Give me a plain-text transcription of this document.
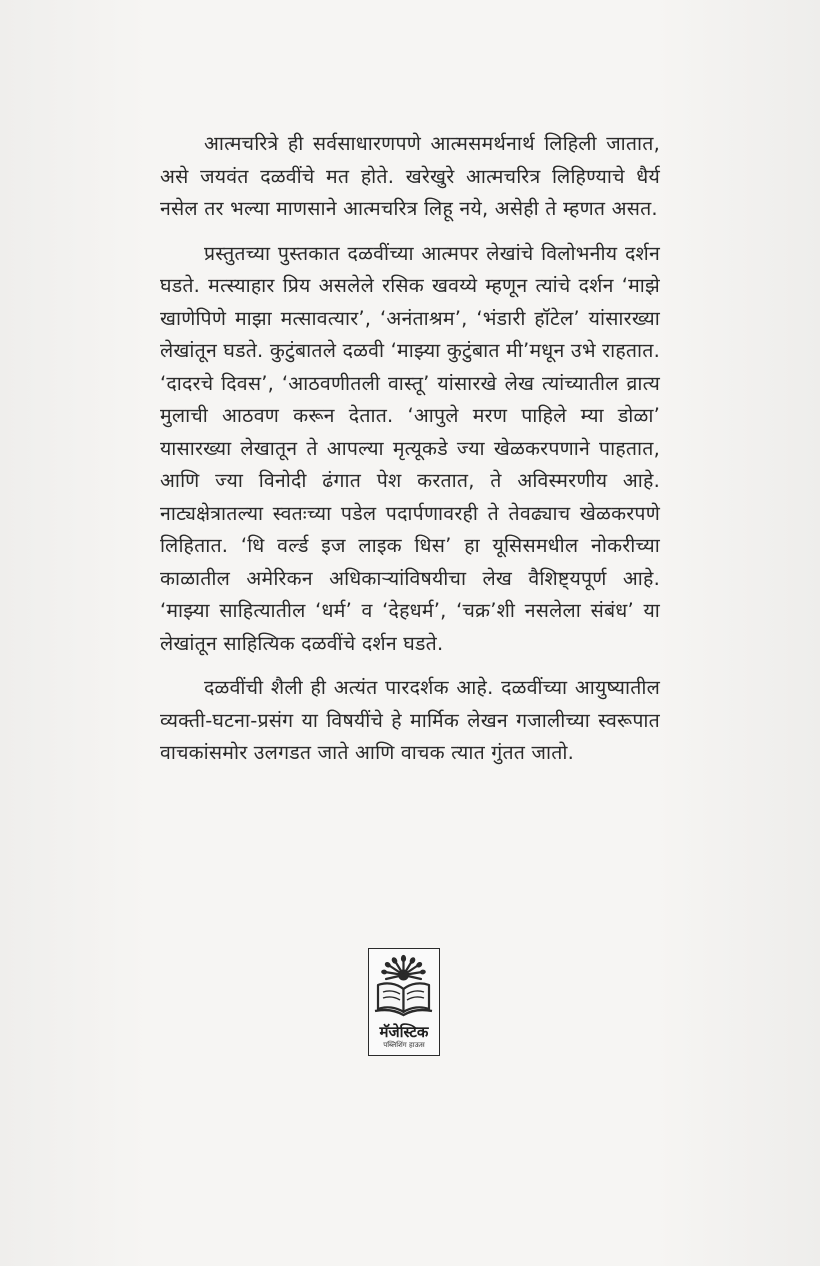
आत्मचरित्रे ही सर्वसाधारणपणे आत्मसमर्थनार्थ लिहिली जातात, असे जयवंत दळवींचे मत होते. खरेखुरे आत्मचरित्र लिहिण्याचे धैर्य नसेल तर भल्या माणसाने आत्मचरित्र लिहू नये, असेही ते म्हणत असत.

प्रस्तुतच्या पुस्तकात दळवींच्या आत्मपर लेखांचे विलोभनीय दर्शन घडते. मत्स्याहार प्रिय असलेले रसिक खवय्ये म्हणून त्यांचे दर्शन ‘माझे खाणेपिणे माझा मत्सावत्यार’, ‘अनंताश्रम’, ‘भंडारी हॉटेल’ यांसारख्या लेखांतून घडते. कुटुंबातले दळवी ‘माझ्या कुटुंबात मी’मधून उभे राहतात. ‘दादरचे दिवस’, ‘आठवणीतली वास्तू’ यांसारखे लेख त्यांच्यातील व्रात्य मुलाची आठवण करून देतात. ‘आपुले मरण पाहिले म्या डोळा’ यासारख्या लेखातून ते आपल्या मृत्यूकडे ज्या खेळकरपणाने पाहतात, आणि ज्या विनोदी ढंगात पेश करतात, ते अविस्मरणीय आहे. नाट्यक्षेत्रातल्या स्वतःच्या पडेल पदार्पणावरही ते तेवढ्याच खेळकरपणे लिहितात. ‘धि वर्ल्ड इज लाइक धिस’ हा यूसिसमधील नोकरीच्या काळातील अमेरिकन अधिकाऱ्यांविषयीचा लेख वैशिष्ट्यपूर्ण आहे. ‘माझ्या साहित्यातील ‘धर्म’ व ‘देहधर्म’, ‘चक्र’शी नसलेला संबंध’ या लेखांतून साहित्यिक दळवींचे दर्शन घडते.

दळवींची शैली ही अत्यंत पारदर्शक आहे. दळवींच्या आयुष्यातील व्यक्ती-घटना-प्रसंग या विषयींचे हे मार्मिक लेखन गजालीच्या स्वरूपात वाचकांसमोर उलगडत जाते आणि वाचक त्यात गुंतत जातो.

मॅजेस्टिक
पब्लिशिंग हाऊस
